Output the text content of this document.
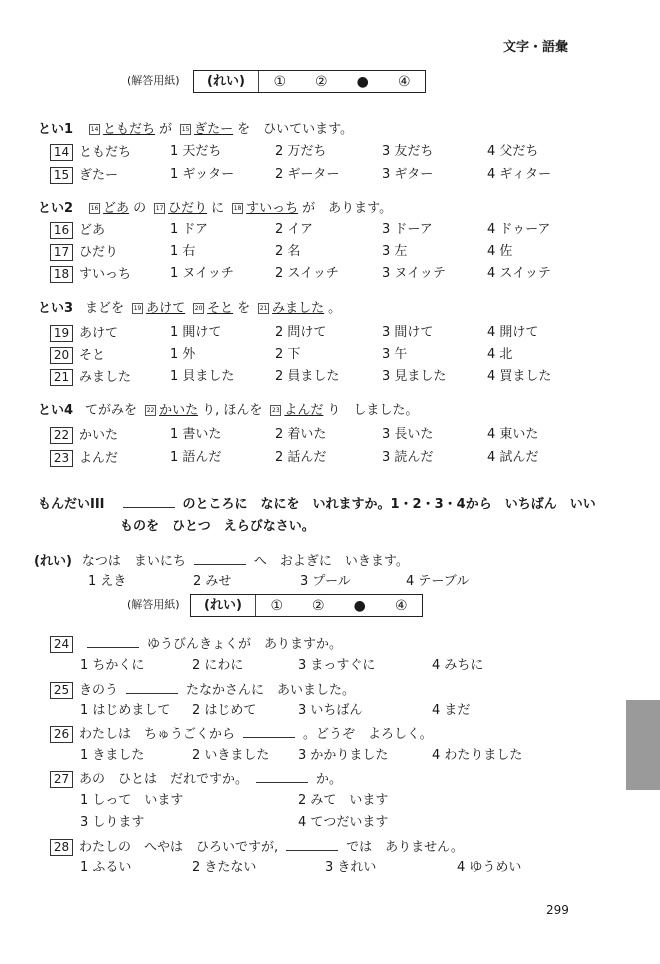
文字・語彙
(解答用紙)	(れい)	①	②	●	④
とい1	14 ともだち が 15 ぎたー を　ひいています。
14 ともだち	1 天だち	2 万だち	3 友だち	4 父だち
15 ぎたー	1 ギッター	2 ギーター	3 ギター	4 ギィター
とい2	16 どあ の 17 ひだり に 18 すいっち が　あります。
16 どあ	1 ドア	2 イア	3 ドーア	4 ドゥーア
17 ひだり	1 右	2 名	3 左	4 佐
18 すいっち	1 ヌイッチ	2 スイッチ	3 ヌイッテ	4 スイッテ
とい3 まどを 19 あけて 20 そと を 21 みました 。
19 あけて	1 閧けて	2 問けて	3 間けて	4 開けて
20 そと	1 外	2 下	3 午	4 北
21 みました	1 貝ました	2 員ました	3 見ました	4 買ました
とい4 てがみを 22 かいた り, ほんを 23 よんだ り　しました。
22 かいた	1 書いた	2 着いた	3 長いた	4 東いた
23 よんだ	1 語んだ	2 話んだ	3 読んだ	4 試んだ
もんだいIII	のところに　なにを　いれますか。1・2・3・4から　いちばん　いい
ものを　ひとつ　えらびなさい。
(れい) なつは　まいにち	へ　およぎに　いきます。
1 えき	2 みせ	3 プール	4 テーブル
(解答用紙)	(れい)	①	②	●	④
24	ゆうびんきょくが　ありますか。
1 ちかくに	2 にわに	3 まっすぐに	4 みちに
25 きのう	たなかさんに　あいました。
1 はじめまして 2 はじめて	3 いちばん	4 まだ
26 わたしは　ちゅうごくから	。どうぞ　よろしく。
1 きました	2 いきました 3 かかりました	4 わたりました
27 あの　ひとは　だれですか。	か。
1 しって　います	2 みて　います
3 しります	4 てつだいます
28 わたしの　へやは　ひろいですが,	では　ありません。
1 ふるい	2 きたない	3 きれい	4 ゆうめい
299
